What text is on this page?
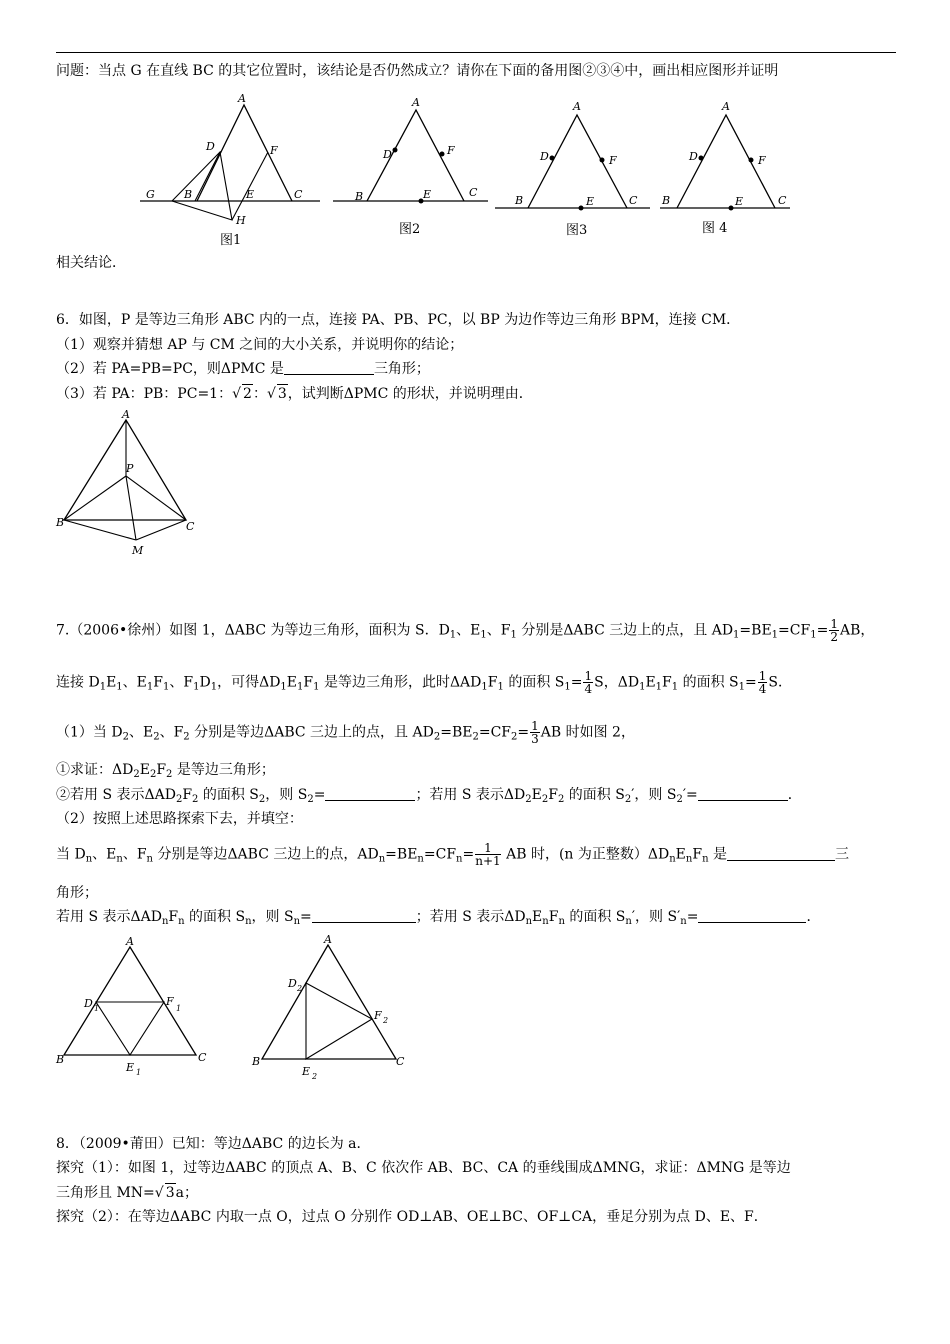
问题：当点 G 在直线 BC 的其它位置时，该结论是否仍然成立？请你在下面的备用图②③④中，画出相应图形并证明
A
D	F
G	B	E	C
H
图1
A
D	F
B	E	C
图2
A
D	F
B	E	C
图3
A
D	F
B	E	C
图 4
相关结论．
6．如图，P 是等边三角形 ABC 内的一点，连接 PA、PB、PC，以 BP 为边作等边三角形 BPM，连接 CM．
（1）观察并猜想 AP 与 CM 之间的大小关系，并说明你的结论；
（2）若 PA=PB=PC，则ΔPMC 是	三角形；
（3）若 PA：PB：PC=1：√ 2：√ 3，试判断ΔPMC 的形状，并说明理由．
A
P
B	C
M
7.（2006•徐州）如图 1，ΔABC 为等边三角形，面积为 S．$D_1$、$E_1$、$F_1$ 分别是ΔABC 三边上的点，且 $AD_1=BE_1=CF_1= \frac{1}{2}$ AB，
连接 $D_1E_1$、$E_1F_1$、$F_1D_1$，可得$\Delta D_1E_1F_1$ 是等边三角形，此时$\Delta AD_1F_1$ 的面积 $S_1= \frac{1}{4}$ S，$\Delta D_1E_1F_1$ 的面积 $S_1= \frac{1}{4}$ S．
（1）当 $D_2$、$E_2$、$F_2$ 分别是等边ΔABC 三边上的点，且 $AD_2=BE_2=CF_2= \frac{1}{3}$ AB 时如图 2，
①求证：$\Delta D_2E_2F_2$ 是等边三角形；
②若用 S 表示$\Delta AD_2F_2$ 的面积 $S_2$，则 $S_2=$	；若用 S 表示$\Delta D_2E_2F_2$ 的面积 $S_2'$，则 $S_2'=$	．
（2）按照上述思路探索下去，并填空：
当 $D_n$、$E_n$、$F_n$ 分别是等边ΔABC 三边上的点，$AD_n=BE_n=CF_n= \frac{1}{n+1}$ AB 时，(n 为正整数）$\Delta D_nE_nF_n$ 是	三
角形；
若用 S 表示$\Delta AD_nF_n$ 的面积 $S_n$，则 $S_n=$	；若用 S 表示$\Delta D_nE_nF_n$ 的面积 $S_n'$，则 $S'_n=$	．
A
D 1
F
1
B
E 1
C
A
D 2
F 2
B
E 2
C
8．（2009•莆田）已知：等边ΔABC 的边长为 a．
探究（1）：如图 1，过等边ΔABC 的顶点 A、B、C 依次作 AB、BC、CA 的垂线围成ΔMNG，求证：ΔMNG 是等边
三角形且 MN=√ 3a；
探究（2）：在等边ΔABC 内取一点 O，过点 O 分别作 OD⊥AB、OE⊥BC、OF⊥CA，垂足分别为点 D、E、F．
